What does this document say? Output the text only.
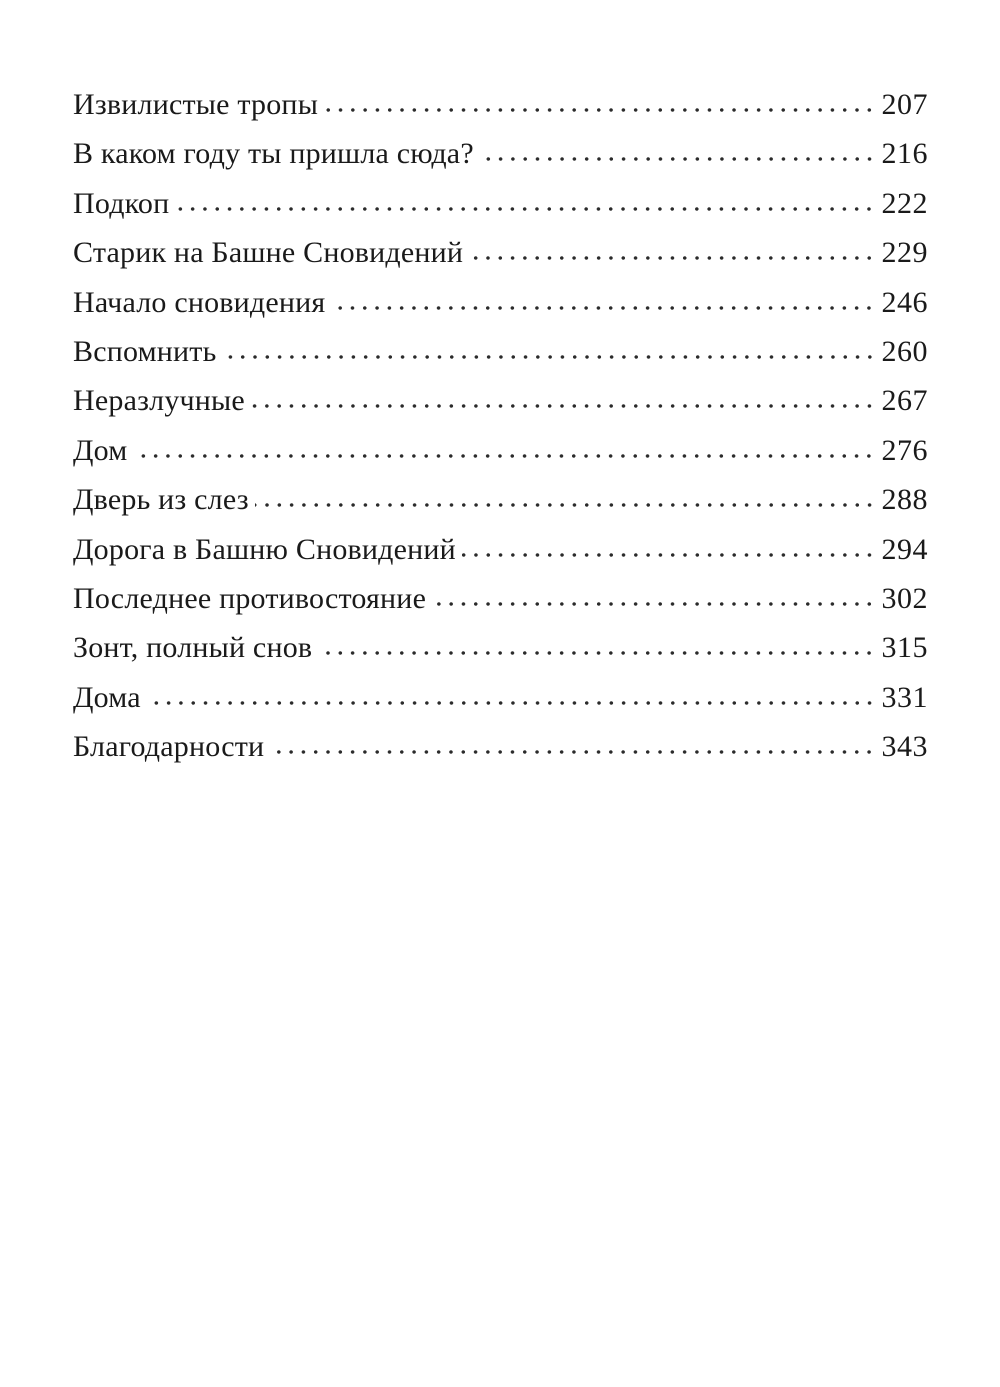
Извилистые тропы	207
В каком году ты пришла сюда?	216
Подкоп	222
Старик на Башне Сновидений	229
Начало сновидения	246
Вспомнить	260
Неразлучные	267
Дом	276
Дверь из слез	288
Дорога в Башню Сновидений	294
Последнее противостояние	302
Зонт, полный снов	315
Дома	331
Благодарности	343
